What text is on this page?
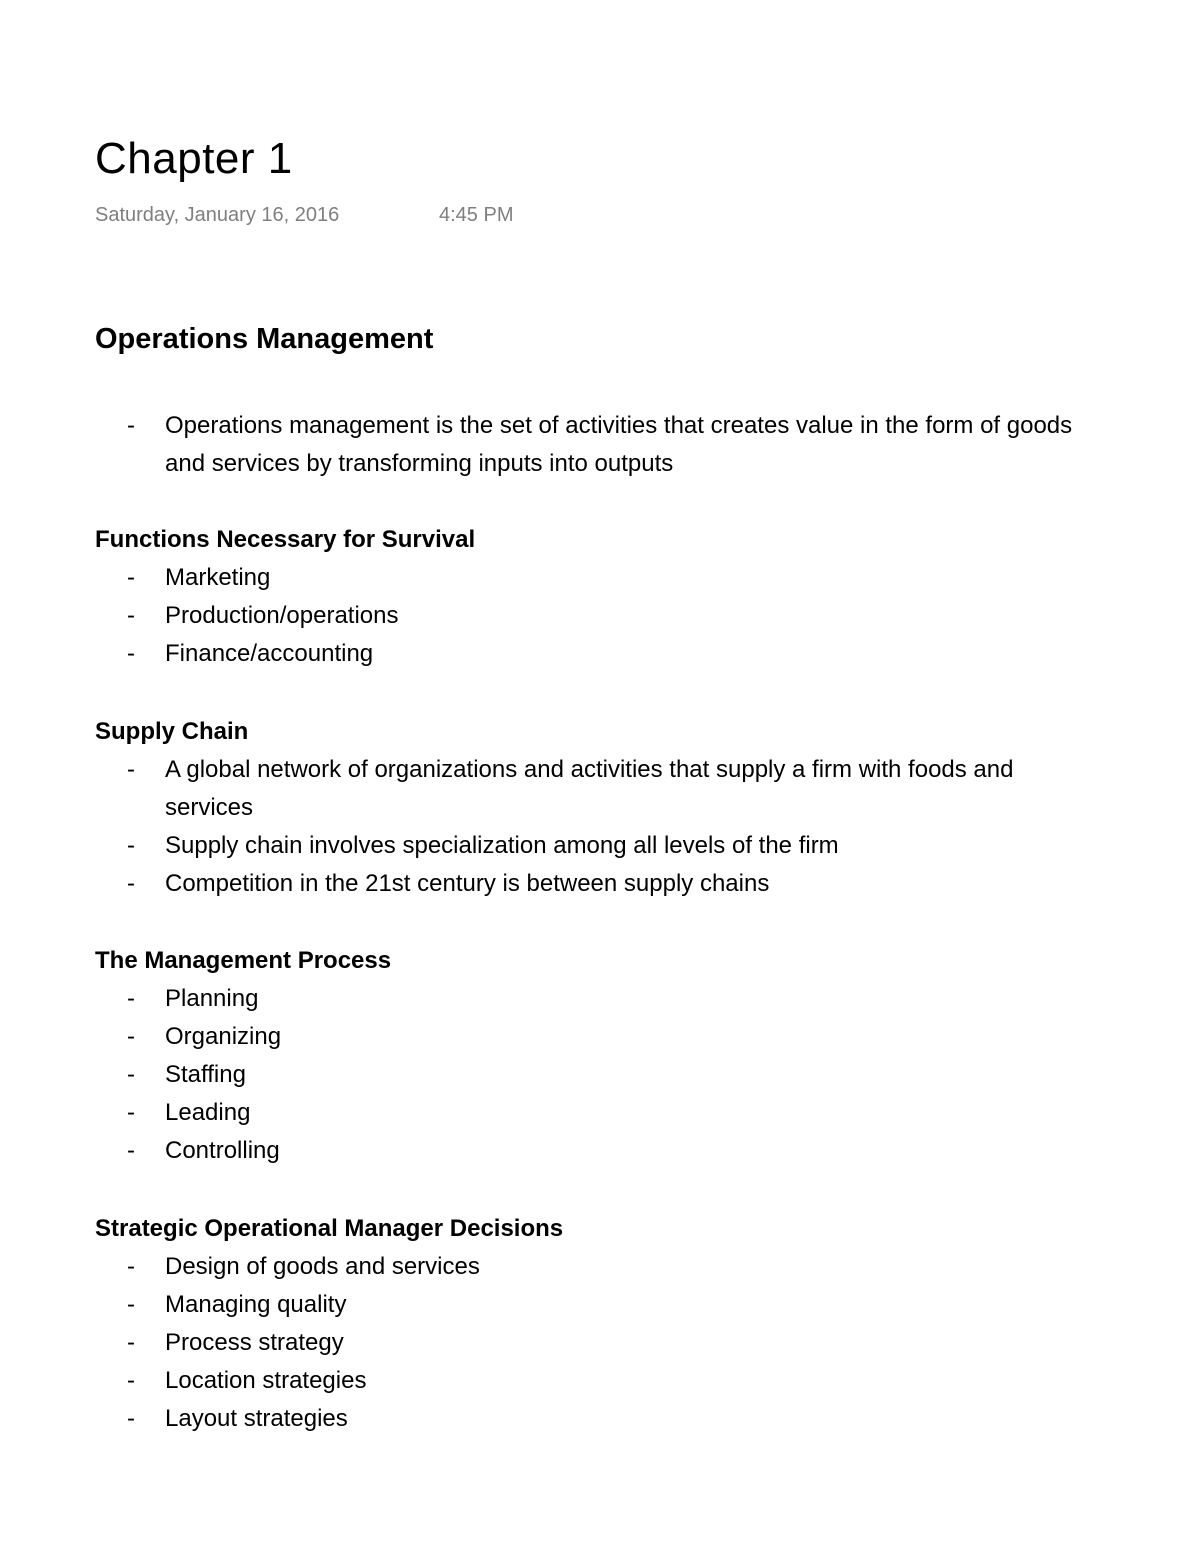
Chapter 1
Saturday, January 16, 2016	4:45 PM
Operations Management
- Operations management is the set of activities that creates value in the form of goods and services by transforming inputs into outputs
Functions Necessary for Survival
- Marketing
- Production/operations
- Finance/accounting
Supply Chain
- A global network of organizations and activities that supply a firm with foods and services
- Supply chain involves specialization among all levels of the firm
- Competition in the 21st century is between supply chains
The Management Process
- Planning
- Organizing
- Staffing
- Leading
- Controlling
Strategic Operational Manager Decisions
- Design of goods and services
- Managing quality
- Process strategy
- Location strategies
- Layout strategies
